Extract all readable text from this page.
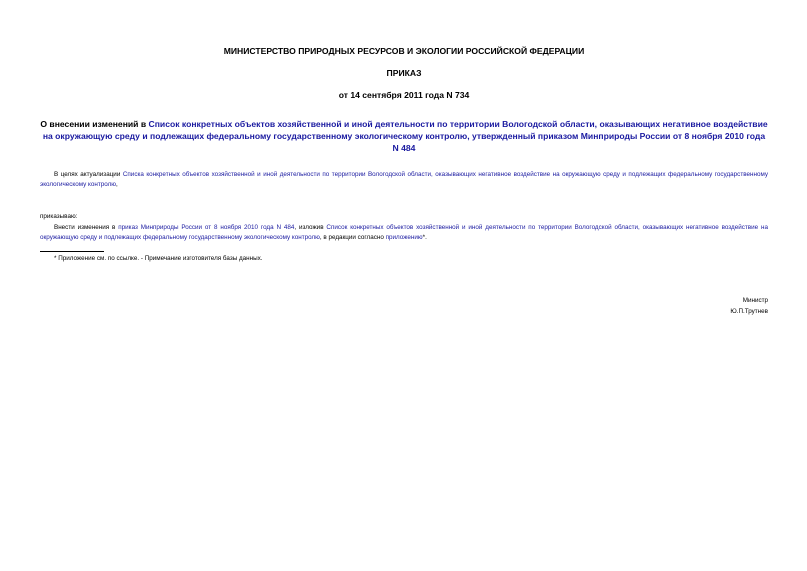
МИНИСТЕРСТВО ПРИРОДНЫХ РЕСУРСОВ И ЭКОЛОГИИ РОССИЙСКОЙ ФЕДЕРАЦИИ
ПРИКАЗ
от 14 сентября 2011 года N 734
О внесении изменений в Список конкретных объектов хозяйственной и иной деятельности по территории Вологодской области, оказывающих негативное воздействие на окружающую среду и подлежащих федеральному государственному экологическому контролю, утвержденный приказом Минприроды России от 8 ноября 2010 года N 484
В целях актуализации Списка конкретных объектов хозяйственной и иной деятельности по территории Вологодской области, оказывающих негативное воздействие на окружающую среду и подлежащих федеральному государственному экологическому контролю,
приказываю:
Внести изменения в приказ Минприроды России от 8 ноября 2010 года N 484, изложив Список конкретных объектов хозяйственной и иной деятельности по территории Вологодской области, оказывающих негативное воздействие на окружающую среду и подлежащих федеральному государственному экологическому контролю, в редакции согласно приложению*.
* Приложение см. по ссылке. - Примечание изготовителя базы данных.
Министр
Ю.П.Трутнев
